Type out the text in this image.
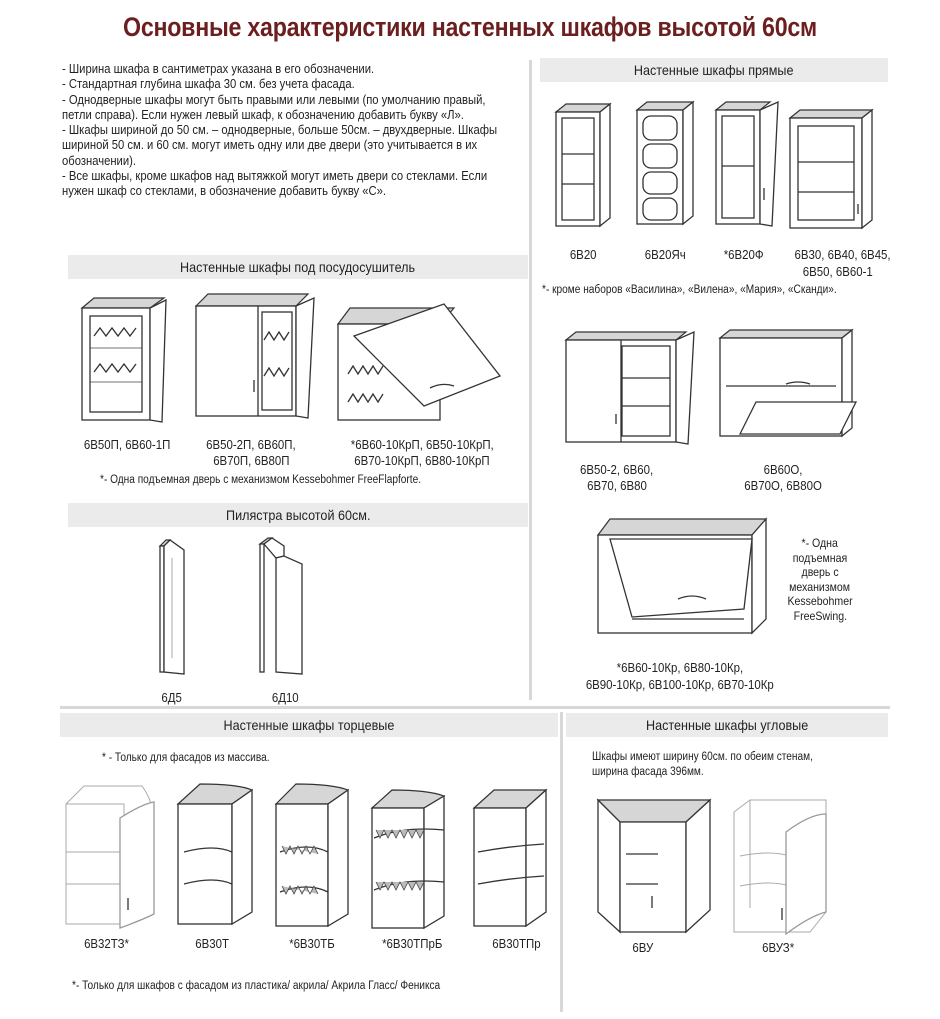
Основные характеристики настенных шкафов высотой 60см

- Ширина шкафа в сантиметрах указана в его обозначении.

- Стандартная глубина шкафа 30 см. без учета фасада.

- Однодверные шкафы могут быть правыми или левыми (по умолчанию правый, петли справа). Если нужен левый шкаф, к обозначению добавить букву «Л».

- Шкафы шириной до 50 см. – однодверные, больше 50см. – двухдверные. Шкафы шириной 50 см. и 60 см. могут иметь одну или две двери (это учитывается в их обозначении).

- Все шкафы, кроме шкафов над вытяжкой могут иметь двери со стеклами. Если нужен шкаф со стеклами, в обозначение добавить букву «С».

Настенные шкафы прямые
Настенные шкафы под посудосушитель
Пилястра высотой 60см.
Настенные шкафы торцевые	Настенные шкафы угловые
6В20	6В20Яч	*6В20Ф	6В30, 6В40, 6В45,
6В50, 6В60-1
*- кроме наборов «Василина», «Вилена», «Мария», «Сканди».
6В50-2, 6В60,
6В70, 6В80
6В60О,
6В70О, 6В80О
*- Одна
подъемная
дверь с
механизмом
Kessebohmer
FreeSwing.
*6В60-10Кр, 6В80-10Кр,
6В90-10Кр, 6В100-10Кр, 6В70-10Кр
6В50П, 6В60-1П	6В50-2П, 6В60П,
6В70П, 6В80П
*6В60-10КрП, 6В50-10КрП,
6В70-10КрП, 6В80-10КрП
*- Одна подъемная дверь с механизмом Kessebohmer FreeFlapforte.
6Д5	6Д10
* - Только для фасадов из массива.
6В32ТЗ*	6В30Т	*6В30ТБ	*6В30ТПрБ	6В30ТПр
*- Только для шкафов с фасадом из пластика/ акрила/ Акрила Гласс/ Феникса
Шкафы имеют ширину 60см. по обеим стенам,
ширина фасада 396мм.
6ВУ	6ВУЗ*
